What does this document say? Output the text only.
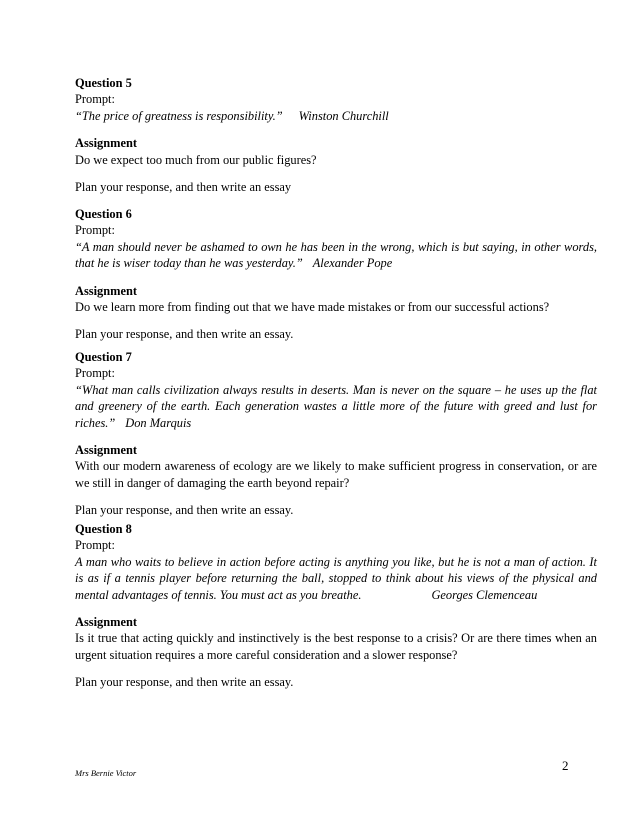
Question 5

Prompt:

“The price of greatness is responsibility.” Winston Churchill

Assignment

Do we expect too much from our public figures?

Plan your response, and then write an essay

Question 6

Prompt:

“A man should never be ashamed to own he has been in the wrong, which is but saying, in other words, that he is wiser today than he was yesterday.” Alexander Pope

Assignment

Do we learn more from finding out that we have made mistakes or from our successful actions?

Plan your response, and then write an essay.

Question 7

Prompt:

“What man calls civilization always results in deserts. Man is never on the square – he uses up the flat and greenery of the earth. Each generation wastes a little more of the future with greed and lust for riches.” Don Marquis

Assignment

With our modern awareness of ecology are we likely to make sufficient progress in conservation, or are we still in danger of damaging the earth beyond repair?

Plan your response, and then write an essay.

Question 8

Prompt:

A man who waits to believe in action before acting is anything you like, but he is not a man of action. It is as if a tennis player before returning the ball, stopped to think about his views of the physical and mental advantages of tennis. You must act as you breathe.	Georges Clemenceau

Assignment

Is it true that acting quickly and instinctively is the best response to a crisis? Or are there times when an urgent situation requires a more careful consideration and a slower response?

Plan your response, and then write an essay.

Mrs Bernie Victor	2
